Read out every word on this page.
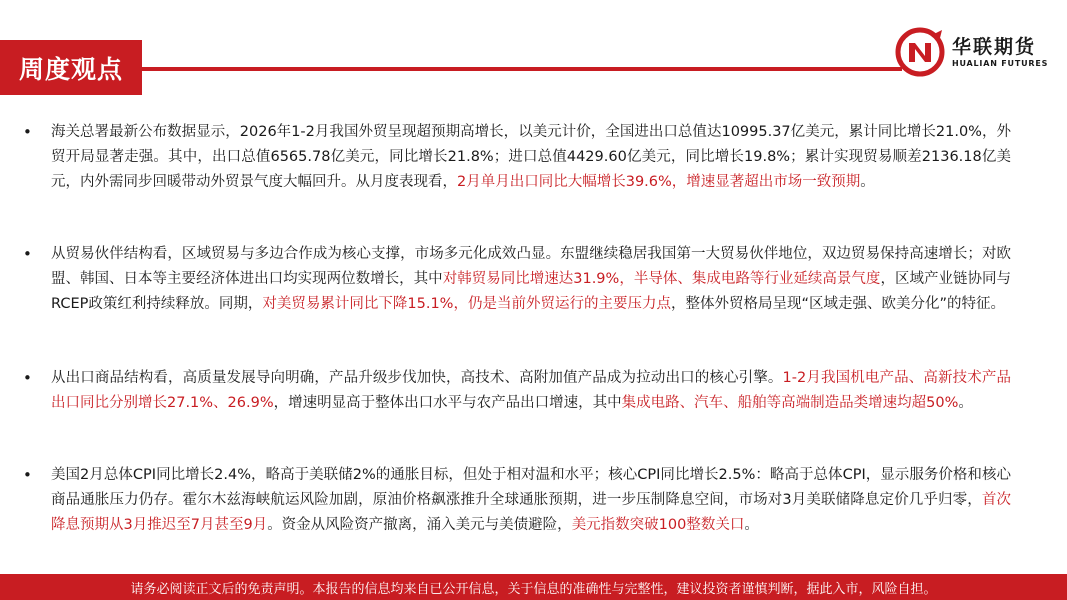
周度观点
华联期货
HUALIAN FUTURES
• 海关总署最新公布数据显示，2026年1-2月我国外贸呈现超预期高增长，以美元计价，全国进出口总值达10995.37亿美元，累计同比增长21.0%，外贸开局显著走强。其中，出口总值6565.78亿美元，同比增长21.8%；进口总值4429.60亿美元，同比增长19.8%；累计实现贸易顺差2136.18亿美元，内外需同步回暖带动外贸景气度大幅回升。从月度表现看，2月单月出口同比大幅增长39.6%，增速显著超出市场一致预期。
• 从贸易伙伴结构看，区域贸易与多边合作成为核心支撑，市场多元化成效凸显。东盟继续稳居我国第一大贸易伙伴地位，双边贸易保持高速增长；对欧盟、韩国、日本等主要经济体进出口均实现两位数增长，其中对韩贸易同比增速达31.9%，半导体、集成电路等行业延续高景气度，区域产业链协同与RCEP政策红利持续释放。同期，对美贸易累计同比下降15.1%，仍是当前外贸运行的主要压力点，整体外贸格局呈现“区域走强、欧美分化”的特征。
• 从出口商品结构看，高质量发展导向明确，产品升级步伐加快，高技术、高附加值产品成为拉动出口的核心引擎。1-2月我国机电产品、高新技术产品出口同比分别增长27.1%、26.9%，增速明显高于整体出口水平与农产品出口增速，其中集成电路、汽车、船舶等高端制造品类增速均超50%。
• 美国2月总体CPI同比增长2.4%，略高于美联储2%的通胀目标，但处于相对温和水平；核心CPI同比增长2.5%：略高于总体CPI，显示服务价格和核心商品通胀压力仍存。霍尔木兹海峡航运风险加剧，原油价格飙涨推升全球通胀预期，进一步压制降息空间，市场对3月美联储降息定价几乎归零，首次降息预期从3月推迟至7月甚至9月。资金从风险资产撤离，涌入美元与美债避险，美元指数突破100整数关口。
请务必阅读正文后的免责声明。本报告的信息均来自已公开信息，关于信息的准确性与完整性，建议投资者谨慎判断，据此入市，风险自担。
